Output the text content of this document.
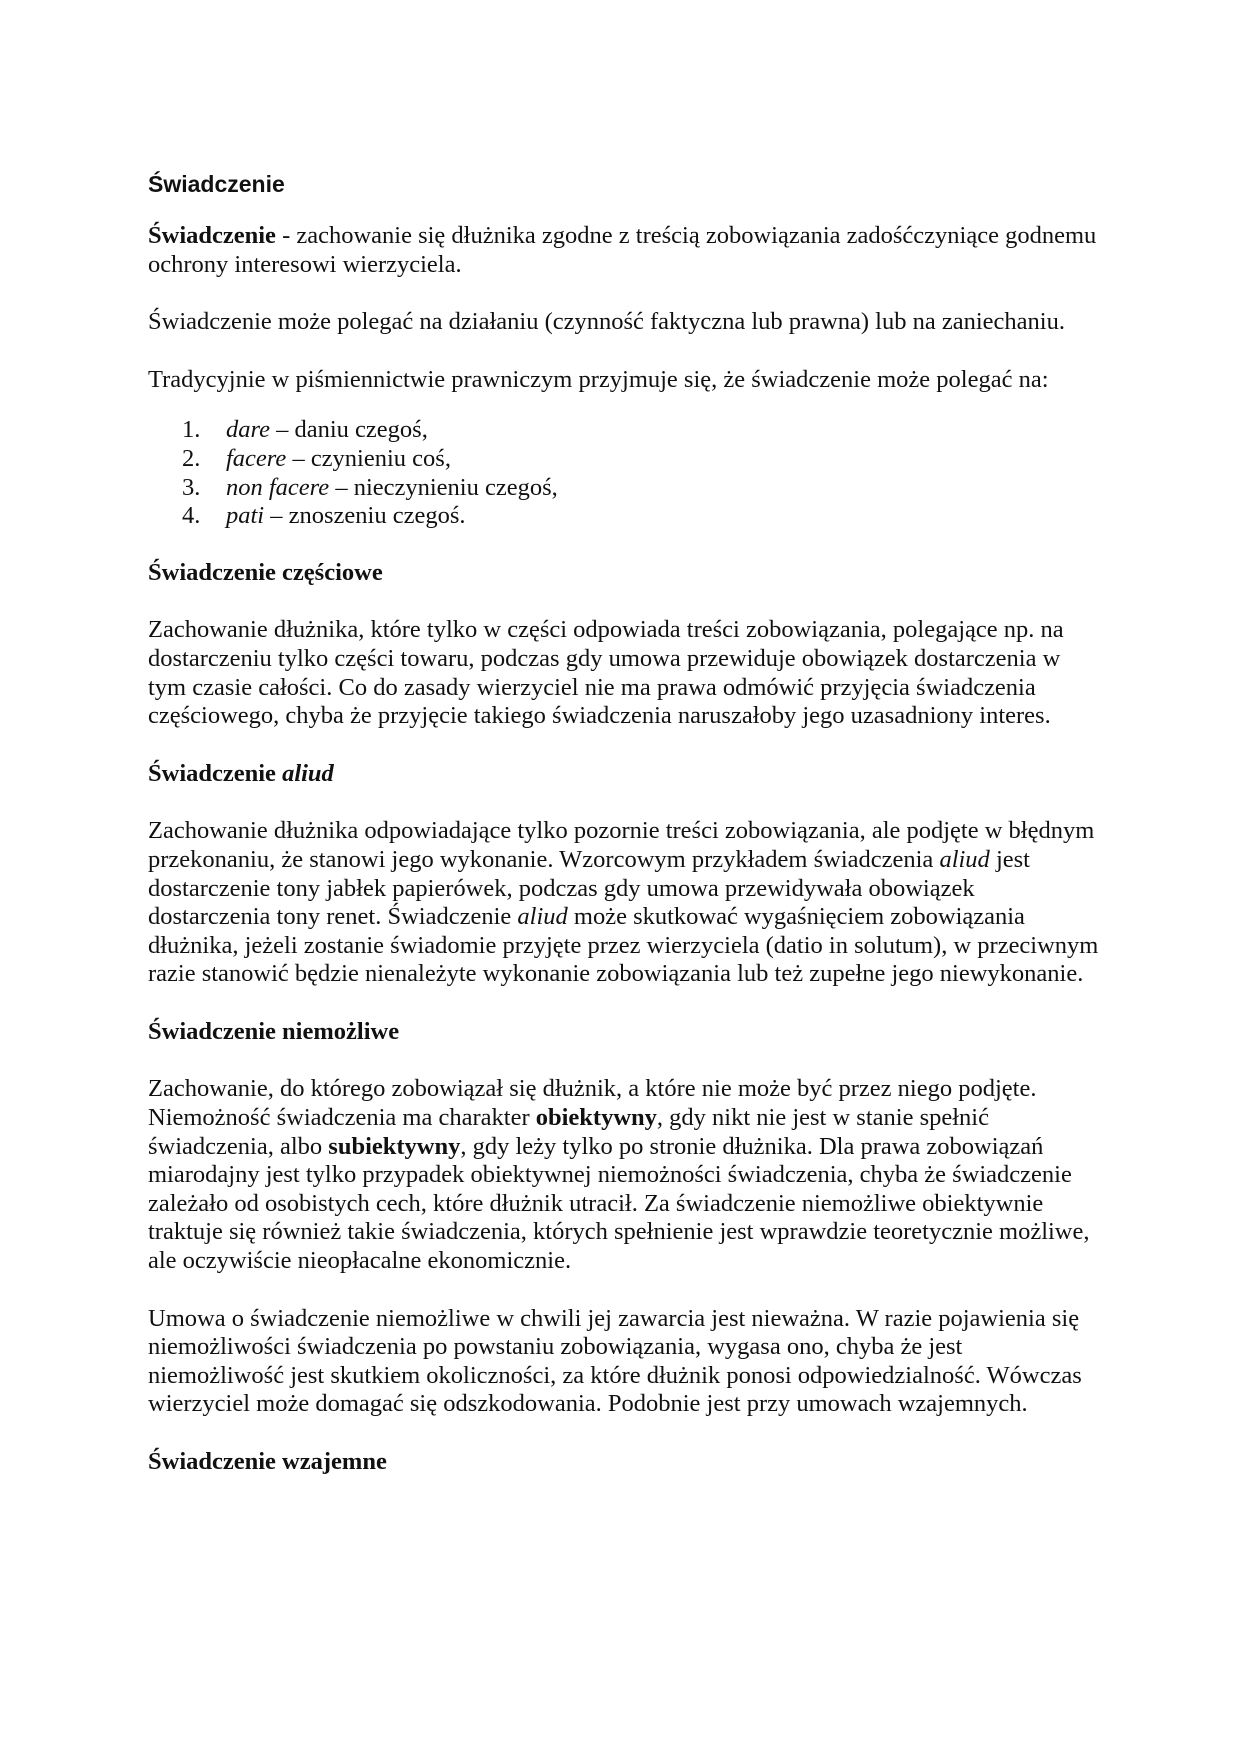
Świadczenie

Świadczenie - zachowanie się dłużnika zgodne z treścią zobowiązania zadośćczyniące godnemu ochrony interesowi wierzyciela.

Świadczenie może polegać na działaniu (czynność faktyczna lub prawna) lub na zaniechaniu.

Tradycyjnie w piśmiennictwie prawniczym przyjmuje się, że świadczenie może polegać na:

1.	dare – daniu czegoś,
2.	facere – czynieniu coś,
3.	non facere – nieczynieniu czegoś,
4.	pati – znoszeniu czegoś.
Świadczenie częściowe

Zachowanie dłużnika, które tylko w części odpowiada treści zobowiązania, polegające np. na dostarczeniu tylko części towaru, podczas gdy umowa przewiduje obowiązek dostarczenia w tym czasie całości. Co do zasady wierzyciel nie ma prawa odmówić przyjęcia świadczenia częściowego, chyba że przyjęcie takiego świadczenia naruszałoby jego uzasadniony interes.

Świadczenie aliud

Zachowanie dłużnika odpowiadające tylko pozornie treści zobowiązania, ale podjęte w błędnym przekonaniu, że stanowi jego wykonanie. Wzorcowym przykładem świadczenia aliud jest dostarczenie tony jabłek papierówek, podczas gdy umowa przewidywała obowiązek dostarczenia tony renet. Świadczenie aliud może skutkować wygaśnięciem zobowiązania dłużnika, jeżeli zostanie świadomie przyjęte przez wierzyciela (datio in solutum), w przeciwnym razie stanowić będzie nienależyte wykonanie zobowiązania lub też zupełne jego niewykonanie.

Świadczenie niemożliwe

Zachowanie, do którego zobowiązał się dłużnik, a które nie może być przez niego podjęte. Niemożność świadczenia ma charakter obiektywny, gdy nikt nie jest w stanie spełnić świadczenia, albo subiektywny, gdy leży tylko po stronie dłużnika. Dla prawa zobowiązań miarodajny jest tylko przypadek obiektywnej niemożności świadczenia, chyba że świadczenie zależało od osobistych cech, które dłużnik utracił. Za świadczenie niemożliwe obiektywnie traktuje się również takie świadczenia, których spełnienie jest wprawdzie teoretycznie możliwe, ale oczywiście nieopłacalne ekonomicznie.

Umowa o świadczenie niemożliwe w chwili jej zawarcia jest nieważna. W razie pojawienia się niemożliwości świadczenia po powstaniu zobowiązania, wygasa ono, chyba że jest niemożliwość jest skutkiem okoliczności, za które dłużnik ponosi odpowiedzialność. Wówczas wierzyciel może domagać się odszkodowania. Podobnie jest przy umowach wzajemnych.

Świadczenie wzajemne
